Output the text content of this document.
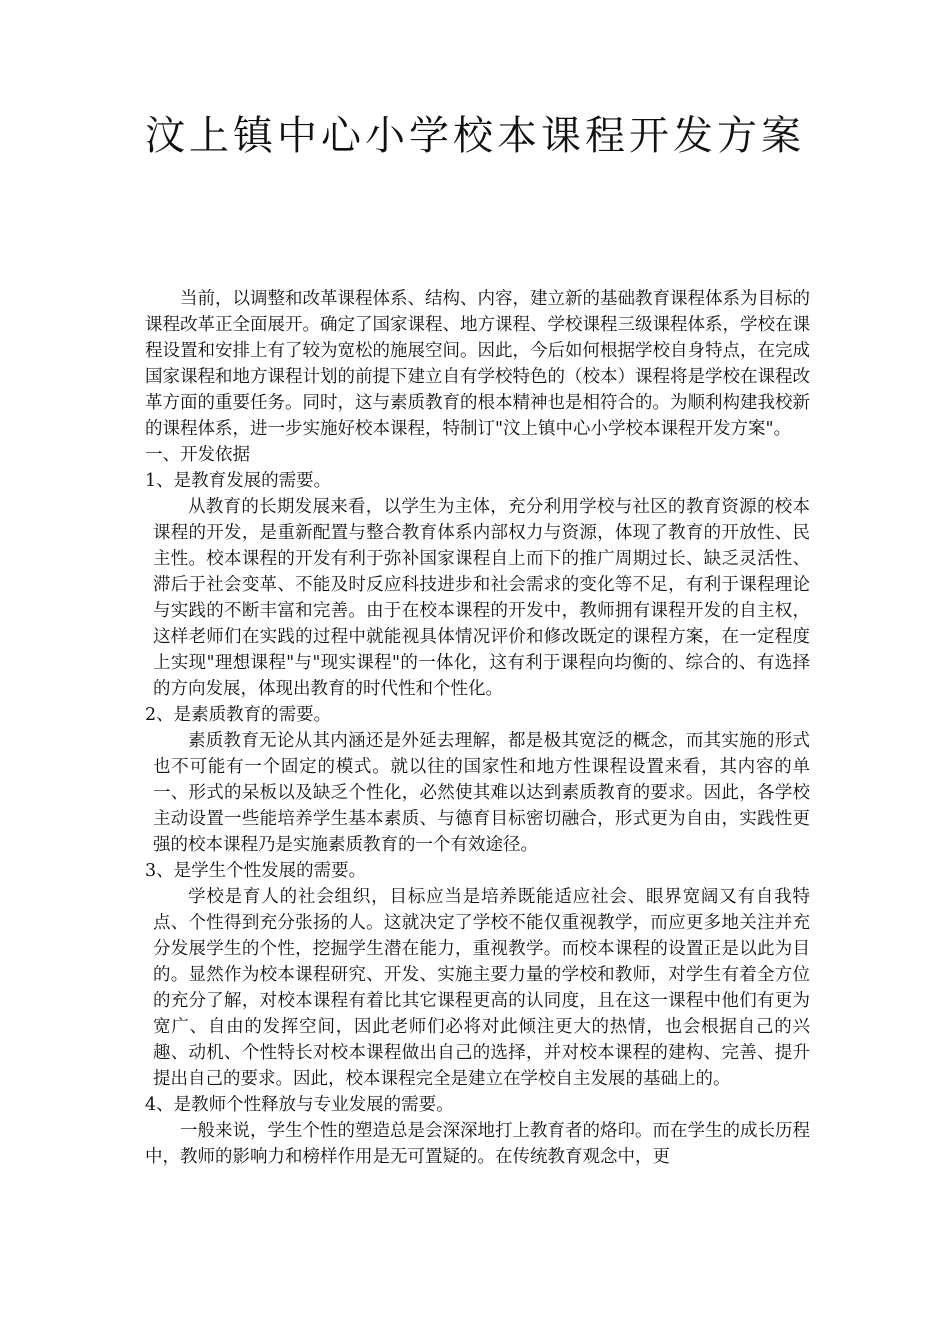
汶上镇中心小学校本课程开发方案

当前，以调整和改革课程体系、结构、内容，建立新的基础教育课程体系为目标的课程改革正全面展开。确定了国家课程、地方课程、学校课程三级课程体系，学校在课程设置和安排上有了较为宽松的施展空间。因此，今后如何根据学校自身特点，在完成国家课程和地方课程计划的前提下建立自有学校特色的（校本）课程将是学校在课程改革方面的重要任务。同时，这与素质教育的根本精神也是相符合的。为顺利构建我校新的课程体系，进一步实施好校本课程，特制订"汶上镇中心小学校本课程开发方案"。

一、开发依据

1、是教育发展的需要。

从教育的长期发展来看，以学生为主体，充分利用学校与社区的教育资源的校本课程的开发，是重新配置与整合教育体系内部权力与资源，体现了教育的开放性、民主性。校本课程的开发有利于弥补国家课程自上而下的推广周期过长、缺乏灵活性、滞后于社会变革、不能及时反应科技进步和社会需求的变化等不足，有利于课程理论与实践的不断丰富和完善。由于在校本课程的开发中，教师拥有课程开发的自主权，这样老师们在实践的过程中就能视具体情况评价和修改既定的课程方案，在一定程度上实现"理想课程"与"现实课程"的一体化，这有利于课程向均衡的、综合的、有选择的方向发展，体现出教育的时代性和个性化。

2、是素质教育的需要。

素质教育无论从其内涵还是外延去理解，都是极其宽泛的概念，而其实施的形式也不可能有一个固定的模式。就以往的国家性和地方性课程设置来看，其内容的单一、形式的呆板以及缺乏个性化，必然使其难以达到素质教育的要求。因此，各学校主动设置一些能培养学生基本素质、与德育目标密切融合，形式更为自由，实践性更强的校本课程乃是实施素质教育的一个有效途径。

3、是学生个性发展的需要。

学校是育人的社会组织，目标应当是培养既能适应社会、眼界宽阔又有自我特点、个性得到充分张扬的人。这就决定了学校不能仅重视教学，而应更多地关注并充分发展学生的个性，挖掘学生潜在能力，重视教学。而校本课程的设置正是以此为目的。显然作为校本课程研究、开发、实施主要力量的学校和教师，对学生有着全方位的充分了解，对校本课程有着比其它课程更高的认同度，且在这一课程中他们有更为宽广、自由的发挥空间，因此老师们必将对此倾注更大的热情，也会根据自己的兴趣、动机、个性特长对校本课程做出自己的选择，并对校本课程的建构、完善、提升提出自己的要求。因此，校本课程完全是建立在学校自主发展的基础上的。

4、是教师个性释放与专业发展的需要。

一般来说，学生个性的塑造总是会深深地打上教育者的烙印。而在学生的成长历程中，教师的影响力和榜样作用是无可置疑的。在传统教育观念中，更
